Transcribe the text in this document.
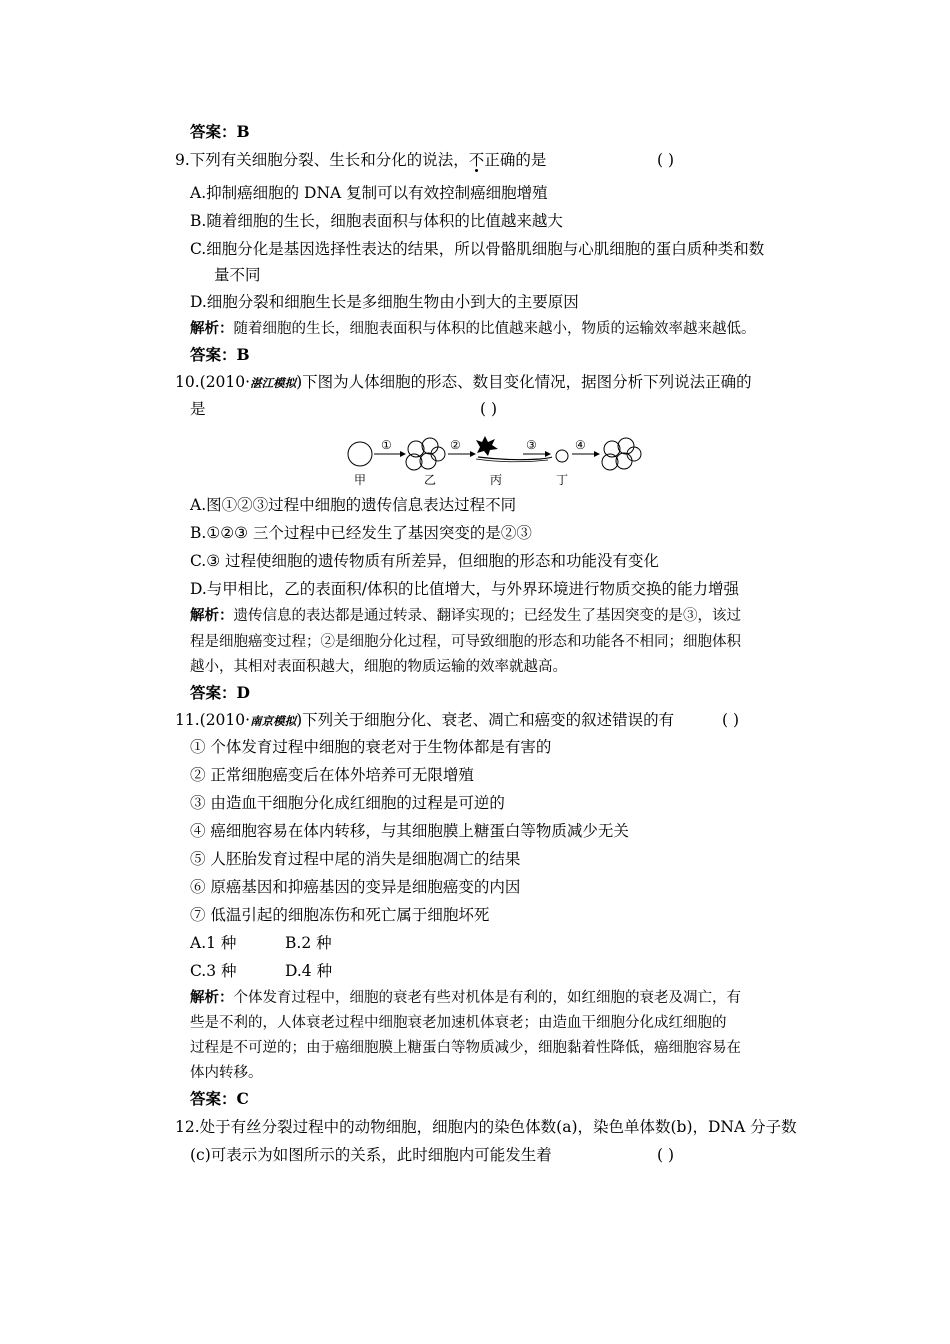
答案：B
9.下列有关细胞分裂、生长和分化的说法，不正确的是	( )
A.抑制癌细胞的 DNA 复制可以有效控制癌细胞增殖
B.随着细胞的生长，细胞表面积与体积的比值越来越大
C.细胞分化是基因选择性表达的结果，所以骨骼肌细胞与心肌细胞的蛋白质种类和数
量不同
D.细胞分裂和细胞生长是多细胞生物由小到大的主要原因
解析：随着细胞的生长，细胞表面积与体积的比值越来越小，物质的运输效率越来越低。
答案：B
10.(2010·湛江模拟)下图为人体细胞的形态、数目变化情况，据图分析下列说法正确的
是	( )
①	②	③	④
甲	乙	丙	丁
A.图①②③过程中细胞的遗传信息表达过程不同
B.①②③ 三个过程中已经发生了基因突变的是②③
C.③ 过程使细胞的遗传物质有所差异，但细胞的形态和功能没有变化
D.与甲相比，乙的表面积/体积的比值增大，与外界环境进行物质交换的能力增强
解析：遗传信息的表达都是通过转录、翻译实现的；已经发生了基因突变的是③，该过
程是细胞癌变过程；②是细胞分化过程，可导致细胞的形态和功能各不相同；细胞体积
越小，其相对表面积越大，细胞的物质运输的效率就越高。
答案：D
11.(2010·南京模拟)下列关于细胞分化、衰老、凋亡和癌变的叙述错误的有	( )
① 个体发育过程中细胞的衰老对于生物体都是有害的
② 正常细胞癌变后在体外培养可无限增殖
③ 由造血干细胞分化成红细胞的过程是可逆的
④ 癌细胞容易在体内转移，与其细胞膜上糖蛋白等物质减少无关
⑤ 人胚胎发育过程中尾的消失是细胞凋亡的结果
⑥ 原癌基因和抑癌基因的变异是细胞癌变的内因
⑦ 低温引起的细胞冻伤和死亡属于细胞坏死
A.1 种	B.2 种
C.3 种	D.4 种
解析：个体发育过程中，细胞的衰老有些对机体是有利的，如红细胞的衰老及凋亡，有
些是不利的，人体衰老过程中细胞衰老加速机体衰老；由造血干细胞分化成红细胞的
过程是不可逆的；由于癌细胞膜上糖蛋白等物质减少，细胞黏着性降低，癌细胞容易在
体内转移。
答案：C
12.处于有丝分裂过程中的动物细胞，细胞内的染色体数(a)，染色单体数(b)，DNA 分子数
(c)可表示为如图所示的关系，此时细胞内可能发生着	( )
